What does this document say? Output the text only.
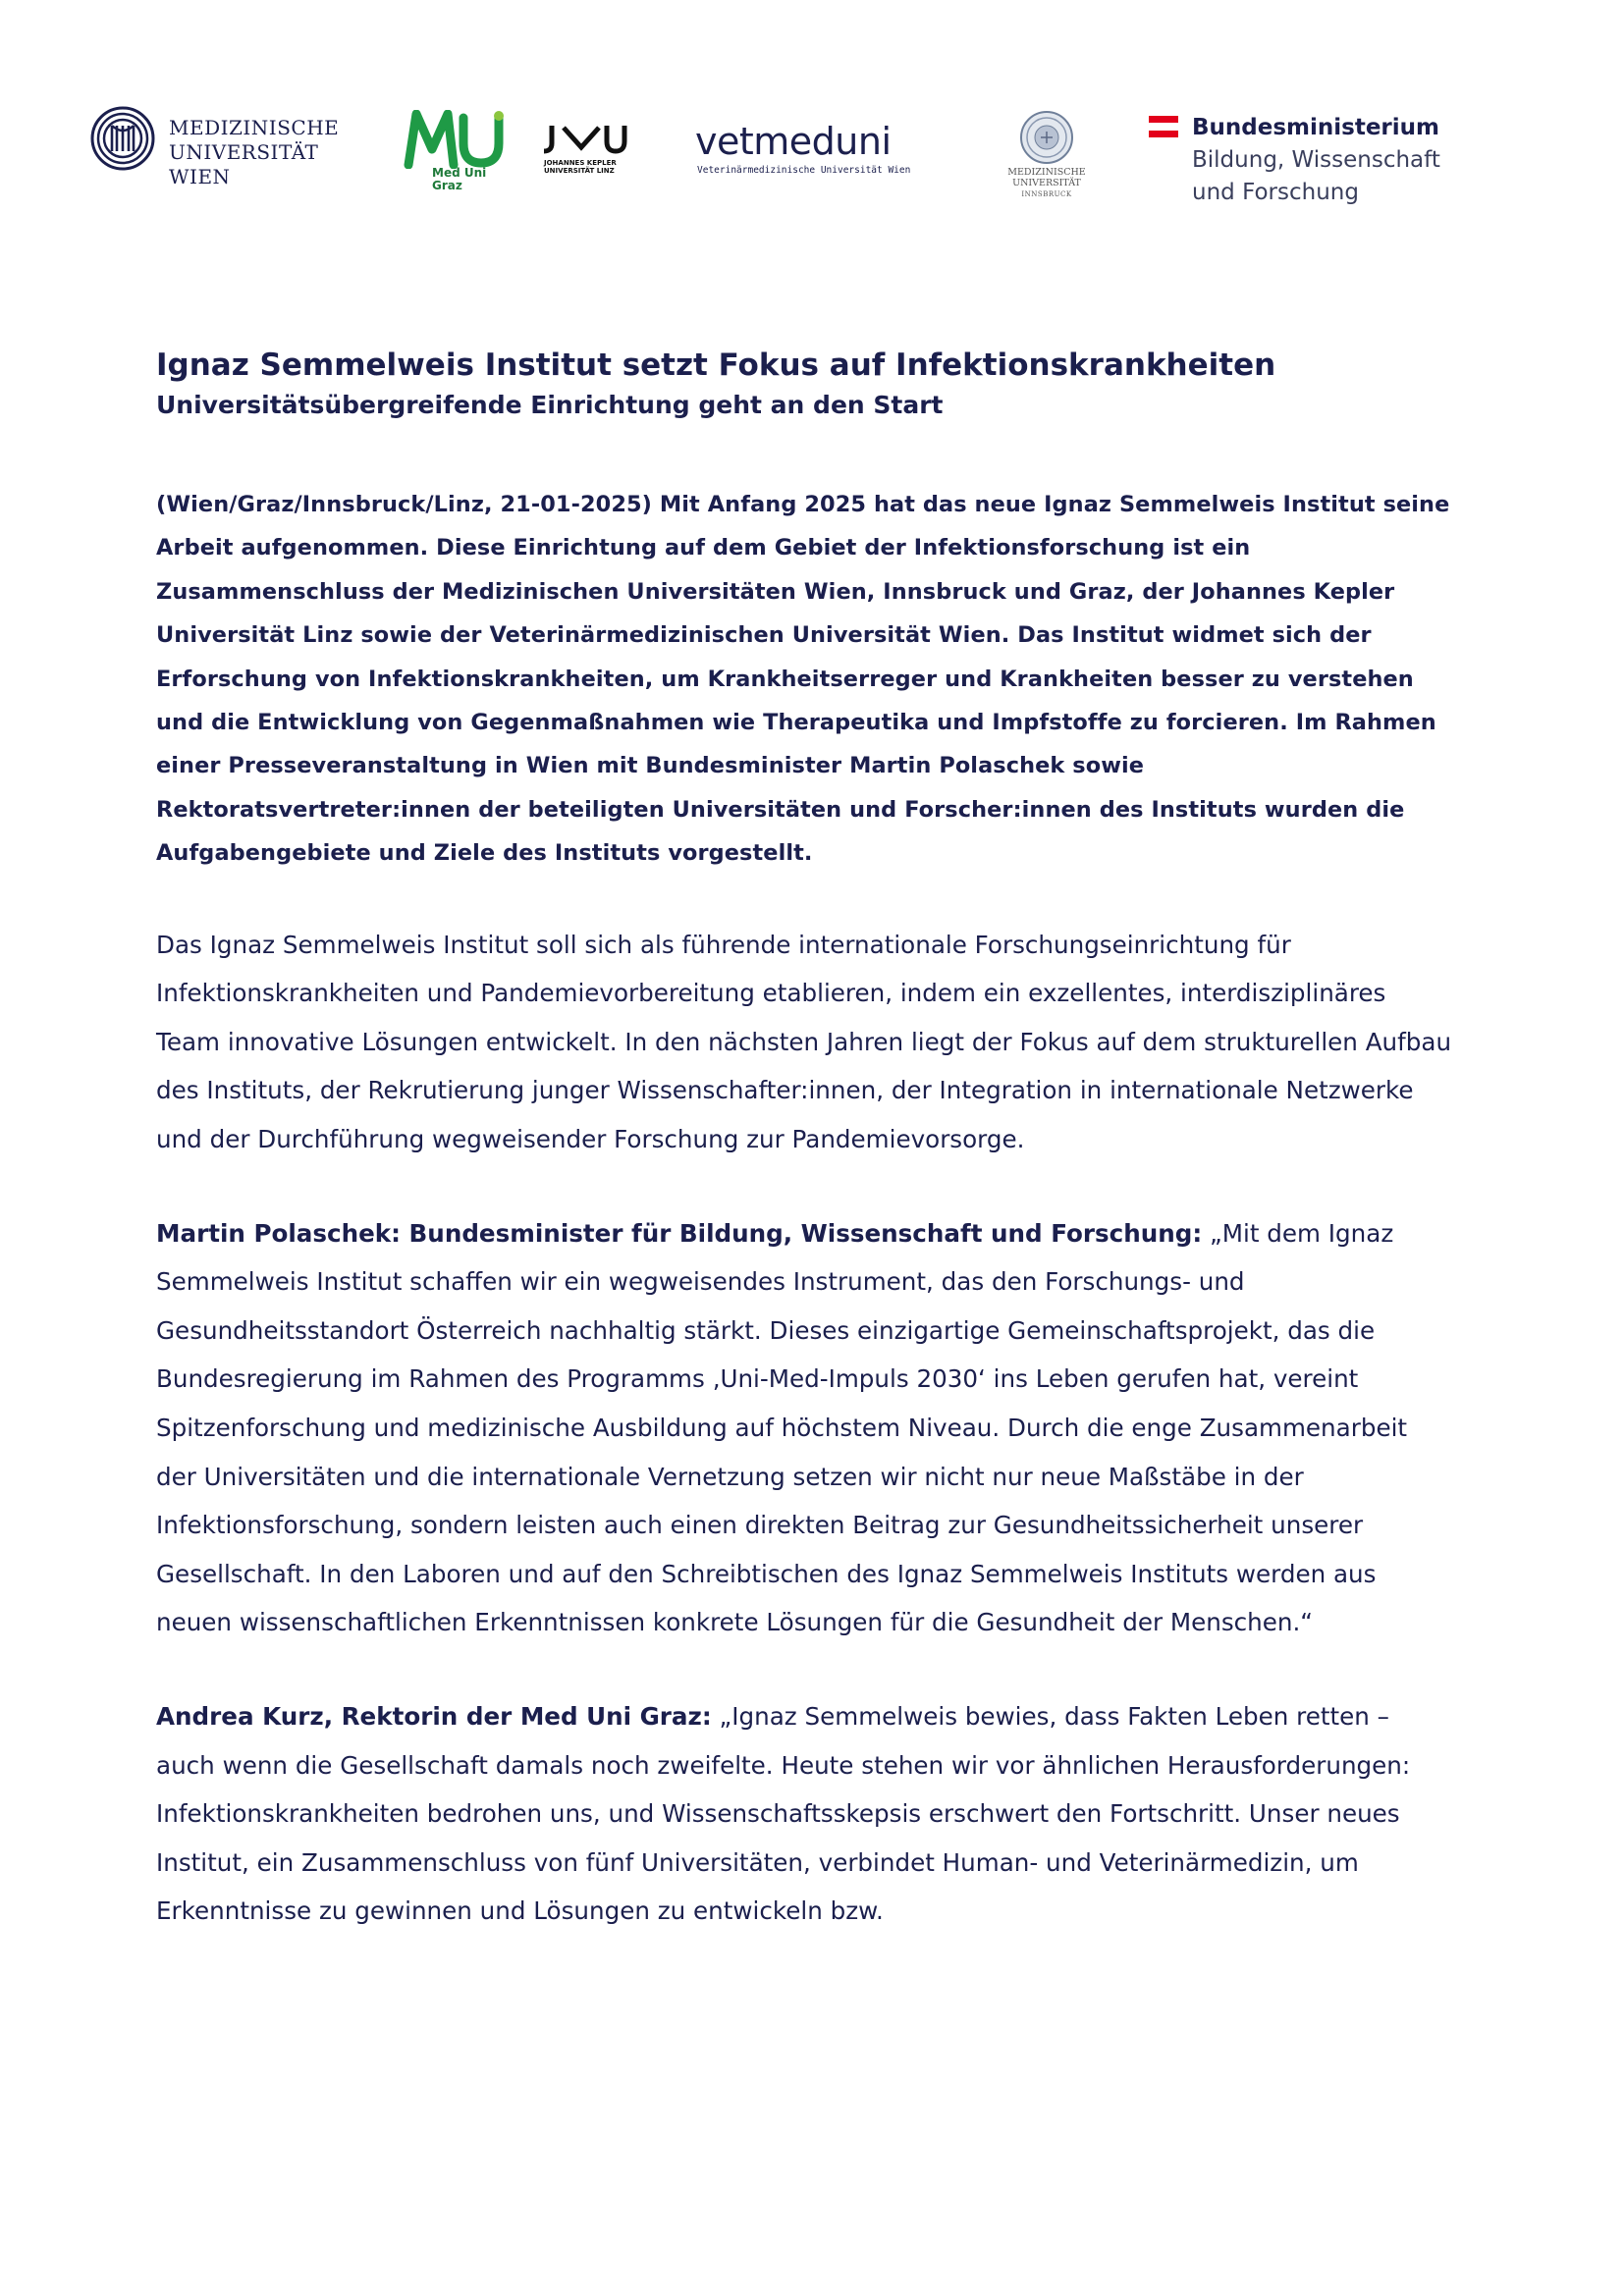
MEDIZINISCHE
UNIVERSITÄT WIEN	Med Uni
Graz
JOHANNES KEPLER
UNIVERSITÄT LINZ
vetmeduni
Veterinärmedizinische Universität Wien	MEDIZINISCHE
UNIVERSITÄT
INNSBRUCK
Bundesministerium
Bildung, Wissenschaft
und Forschung
Ignaz Semmelweis Institut setzt Fokus auf Infektionskrankheiten
Universitätsübergreifende Einrichtung geht an den Start

(Wien/Graz/Innsbruck/Linz, 21-01-2025) Mit Anfang 2025 hat das neue Ignaz Semmelweis Institut seine Arbeit aufgenommen. Diese Einrichtung auf dem Gebiet der Infektionsforschung ist ein Zusammenschluss der Medizinischen Universitäten Wien, Innsbruck und Graz, der Johannes Kepler Universität Linz sowie der Veterinärmedizinischen Universität Wien. Das Institut widmet sich der Erforschung von Infektionskrankheiten, um Krankheitserreger und Krankheiten besser zu verstehen und die Entwicklung von Gegenmaßnahmen wie Therapeutika und Impfstoffe zu forcieren. Im Rahmen einer Presseveranstaltung in Wien mit Bundesminister Martin Polaschek sowie Rektoratsvertreter:innen der beteiligten Universitäten und Forscher:innen des Instituts wurden die Aufgabengebiete und Ziele des Instituts vorgestellt.

Das Ignaz Semmelweis Institut soll sich als führende internationale Forschungseinrichtung für Infektionskrankheiten und Pandemievorbereitung etablieren, indem ein exzellentes, interdisziplinäres Team innovative Lösungen entwickelt. In den nächsten Jahren liegt der Fokus auf dem strukturellen Aufbau des Instituts, der Rekrutierung junger Wissenschafter:innen, der Integration in internationale Netzwerke und der Durchführung wegweisender Forschung zur Pandemievorsorge.

Martin Polaschek: Bundesminister für Bildung, Wissenschaft und Forschung: „Mit dem Ignaz Semmelweis Institut schaffen wir ein wegweisendes Instrument, das den Forschungs- und Gesundheitsstandort Österreich nachhaltig stärkt. Dieses einzigartige Gemeinschaftsprojekt, das die Bundesregierung im Rahmen des Programms ‚Uni-Med-Impuls 2030‘ ins Leben gerufen hat, vereint Spitzenforschung und medizinische Ausbildung auf höchstem Niveau. Durch die enge Zusammenarbeit der Universitäten und die internationale Vernetzung setzen wir nicht nur neue Maßstäbe in der Infektionsforschung, sondern leisten auch einen direkten Beitrag zur Gesundheitssicherheit unserer Gesellschaft. In den Laboren und auf den Schreibtischen des Ignaz Semmelweis Instituts werden aus neuen wissenschaftlichen Erkenntnissen konkrete Lösungen für die Gesundheit der Menschen.“

Andrea Kurz, Rektorin der Med Uni Graz: „Ignaz Semmelweis bewies, dass Fakten Leben retten – auch wenn die Gesellschaft damals noch zweifelte. Heute stehen wir vor ähnlichen Herausforderungen: Infektionskrankheiten bedrohen uns, und Wissenschaftsskepsis erschwert den Fortschritt. Unser neues Institut, ein Zusammenschluss von fünf Universitäten, verbindet Human- und Veterinärmedizin, um Erkenntnisse zu gewinnen und Lösungen zu entwickeln bzw.
